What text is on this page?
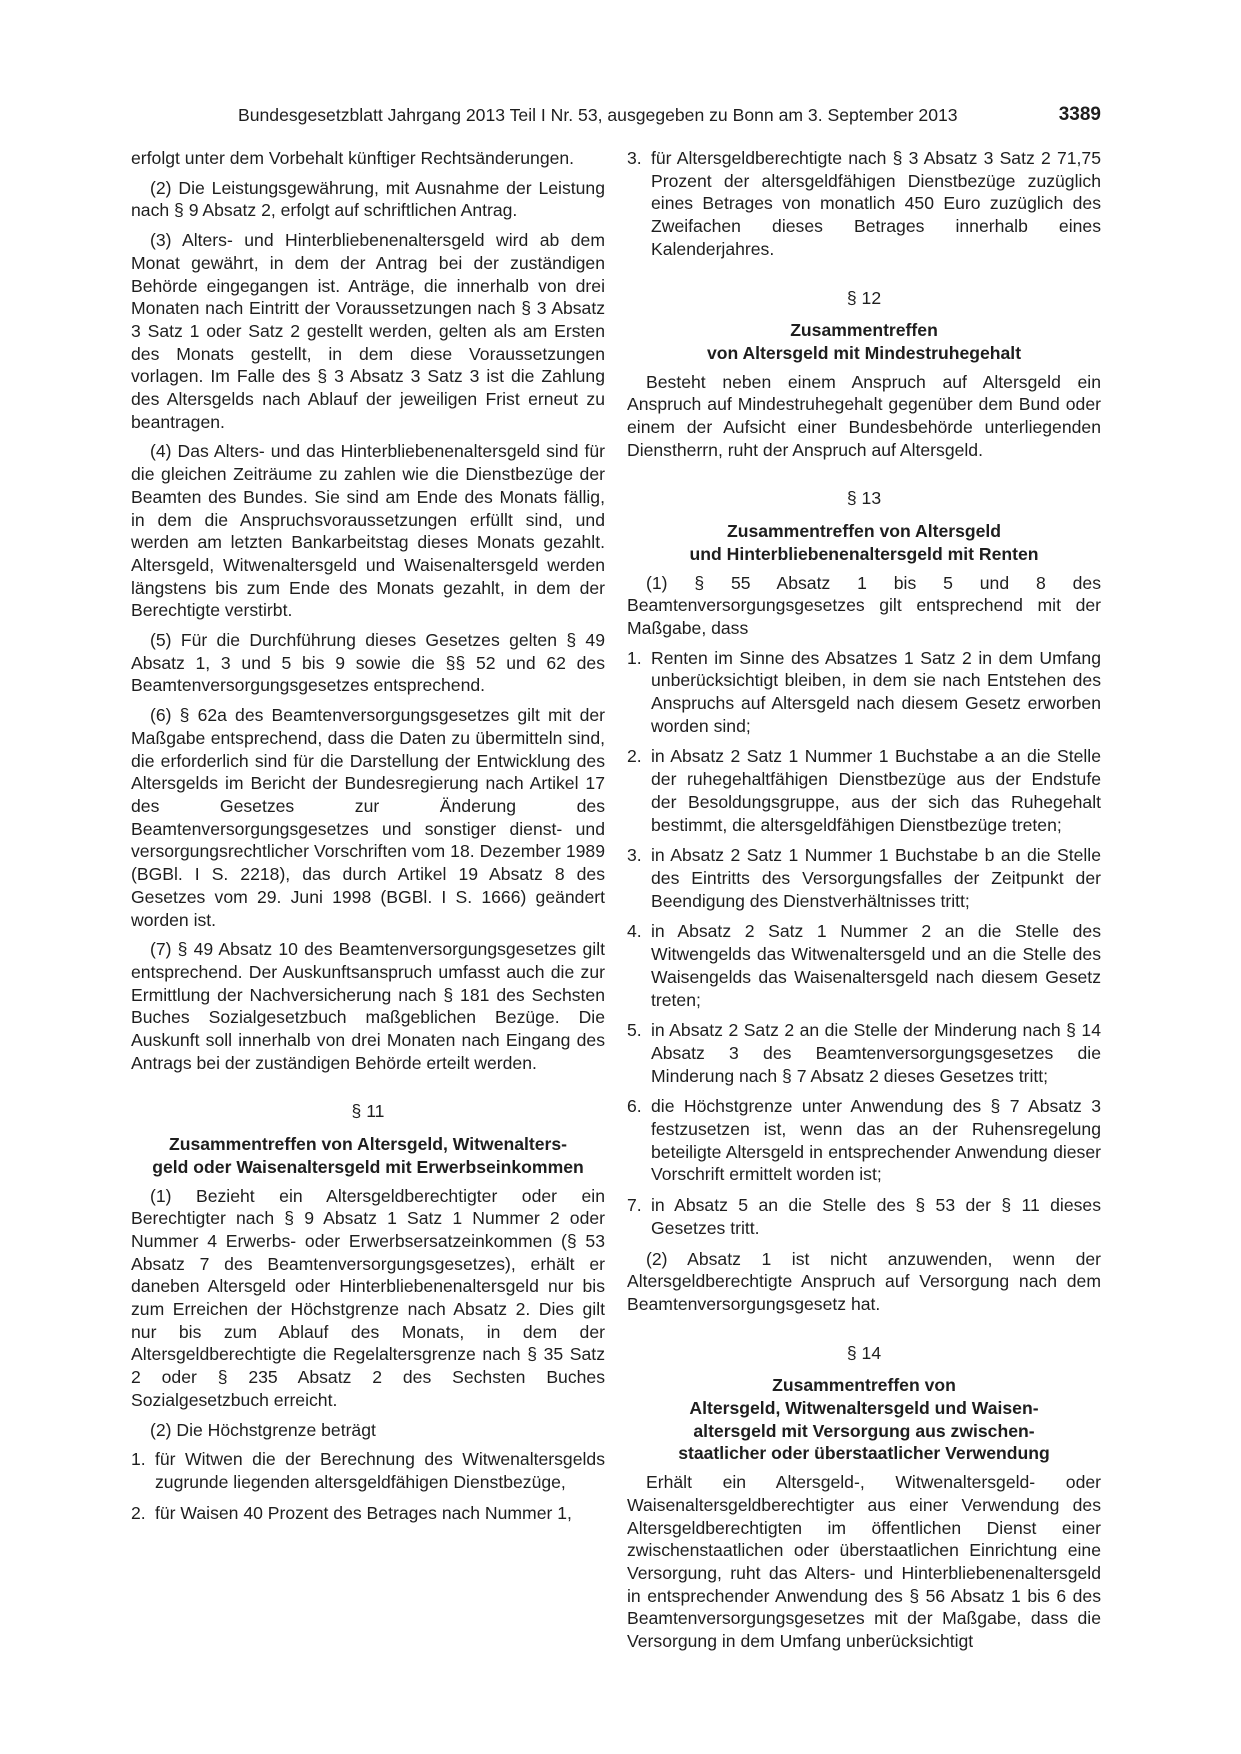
Bundesgesetzblatt Jahrgang 2013 Teil I Nr. 53, ausgegeben zu Bonn am 3. September 2013	3389

erfolgt unter dem Vorbehalt künftiger Rechtsänderungen.

(2) Die Leistungsgewährung, mit Ausnahme der Leistung nach § 9 Absatz 2, erfolgt auf schriftlichen Antrag.

(3) Alters- und Hinterbliebenenaltersgeld wird ab dem Monat gewährt, in dem der Antrag bei der zuständigen Behörde eingegangen ist. Anträge, die innerhalb von drei Monaten nach Eintritt der Voraussetzungen nach § 3 Absatz 3 Satz 1 oder Satz 2 gestellt werden, gelten als am Ersten des Monats gestellt, in dem diese Voraussetzungen vorlagen. Im Falle des § 3 Absatz 3 Satz 3 ist die Zahlung des Altersgelds nach Ablauf der jeweiligen Frist erneut zu beantragen.

(4) Das Alters- und das Hinterbliebenenaltersgeld sind für die gleichen Zeiträume zu zahlen wie die Dienstbezüge der Beamten des Bundes. Sie sind am Ende des Monats fällig, in dem die Anspruchsvoraussetzungen erfüllt sind, und werden am letzten Bankarbeitstag dieses Monats gezahlt. Altersgeld, Witwenaltersgeld und Waisenaltersgeld werden längstens bis zum Ende des Monats gezahlt, in dem der Berechtigte verstirbt.

(5) Für die Durchführung dieses Gesetzes gelten § 49 Absatz 1, 3 und 5 bis 9 sowie die §§ 52 und 62 des Beamtenversorgungsgesetzes entsprechend.

(6) § 62a des Beamtenversorgungsgesetzes gilt mit der Maßgabe entsprechend, dass die Daten zu übermitteln sind, die erforderlich sind für die Darstellung der Entwicklung des Altersgelds im Bericht der Bundesregierung nach Artikel 17 des Gesetzes zur Änderung des Beamtenversorgungsgesetzes und sonstiger dienst- und versorgungsrechtlicher Vorschriften vom 18. Dezember 1989 (BGBl. I S. 2218), das durch Artikel 19 Absatz 8 des Gesetzes vom 29. Juni 1998 (BGBl. I S. 1666) geändert worden ist.

(7) § 49 Absatz 10 des Beamtenversorgungsgesetzes gilt entsprechend. Der Auskunftsanspruch umfasst auch die zur Ermittlung der Nachversicherung nach § 181 des Sechsten Buches Sozialgesetzbuch maßgeblichen Bezüge. Die Auskunft soll innerhalb von drei Monaten nach Eingang des Antrags bei der zuständigen Behörde erteilt werden.

§ 11
Zusammentreffen von Altersgeld, Witwenalters-
geld oder Waisenaltersgeld mit Erwerbseinkommen

(1) Bezieht ein Altersgeldberechtigter oder ein Berechtigter nach § 9 Absatz 1 Satz 1 Nummer 2 oder Nummer 4 Erwerbs- oder Erwerbsersatzeinkommen (§ 53 Absatz 7 des Beamtenversorgungsgesetzes), erhält er daneben Altersgeld oder Hinterbliebenenaltersgeld nur bis zum Erreichen der Höchstgrenze nach Absatz 2. Dies gilt nur bis zum Ablauf des Monats, in dem der Altersgeldberechtigte die Regelaltersgrenze nach § 35 Satz 2 oder § 235 Absatz 2 des Sechsten Buches Sozialgesetzbuch erreicht.

(2) Die Höchstgrenze beträgt

1. für Witwen die der Berechnung des Witwenaltersgelds zugrunde liegenden altersgeldfähigen Dienstbezüge,
2. für Waisen 40 Prozent des Betrages nach Nummer 1,
3. für Altersgeldberechtigte nach § 3 Absatz 3 Satz 2 71,75 Prozent der altersgeldfähigen Dienstbezüge zuzüglich eines Betrages von monatlich 450 Euro zuzüglich des Zweifachen dieses Betrages innerhalb eines Kalenderjahres.
§ 12
Zusammentreffen
von Altersgeld mit Mindestruhegehalt

Besteht neben einem Anspruch auf Altersgeld ein Anspruch auf Mindestruhegehalt gegenüber dem Bund oder einem der Aufsicht einer Bundesbehörde unterliegenden Dienstherrn, ruht der Anspruch auf Altersgeld.

§ 13
Zusammentreffen von Altersgeld
und Hinterbliebenenaltersgeld mit Renten

(1) § 55 Absatz 1 bis 5 und 8 des Beamtenversorgungsgesetzes gilt entsprechend mit der Maßgabe, dass

1. Renten im Sinne des Absatzes 1 Satz 2 in dem Umfang unberücksichtigt bleiben, in dem sie nach Entstehen des Anspruchs auf Altersgeld nach diesem Gesetz erworben worden sind;
2. in Absatz 2 Satz 1 Nummer 1 Buchstabe a an die Stelle der ruhegehaltfähigen Dienstbezüge aus der Endstufe der Besoldungsgruppe, aus der sich das Ruhegehalt bestimmt, die altersgeldfähigen Dienstbezüge treten;
3. in Absatz 2 Satz 1 Nummer 1 Buchstabe b an die Stelle des Eintritts des Versorgungsfalles der Zeitpunkt der Beendigung des Dienstverhältnisses tritt;
4. in Absatz 2 Satz 1 Nummer 2 an die Stelle des Witwengelds das Witwenaltersgeld und an die Stelle des Waisengelds das Waisenaltersgeld nach diesem Gesetz treten;
5. in Absatz 2 Satz 2 an die Stelle der Minderung nach § 14 Absatz 3 des Beamtenversorgungsgesetzes die Minderung nach § 7 Absatz 2 dieses Gesetzes tritt;
6. die Höchstgrenze unter Anwendung des § 7 Absatz 3 festzusetzen ist, wenn das an der Ruhensregelung beteiligte Altersgeld in entsprechender Anwendung dieser Vorschrift ermittelt worden ist;
7. in Absatz 5 an die Stelle des § 53 der § 11 dieses Gesetzes tritt.

(2) Absatz 1 ist nicht anzuwenden, wenn der Altersgeldberechtigte Anspruch auf Versorgung nach dem Beamtenversorgungsgesetz hat.

§ 14
Zusammentreffen von
Altersgeld, Witwenaltersgeld und Waisen-
altersgeld mit Versorgung aus zwischen-
staatlicher oder überstaatlicher Verwendung

Erhält ein Altersgeld-, Witwenaltersgeld- oder Waisenaltersgeldberechtigter aus einer Verwendung des Altersgeldberechtigten im öffentlichen Dienst einer zwischenstaatlichen oder überstaatlichen Einrichtung eine Versorgung, ruht das Alters- und Hinterbliebenenaltersgeld in entsprechender Anwendung des § 56 Absatz 1 bis 6 des Beamtenversorgungsgesetzes mit der Maßgabe, dass die Versorgung in dem Umfang unberücksichtigt
